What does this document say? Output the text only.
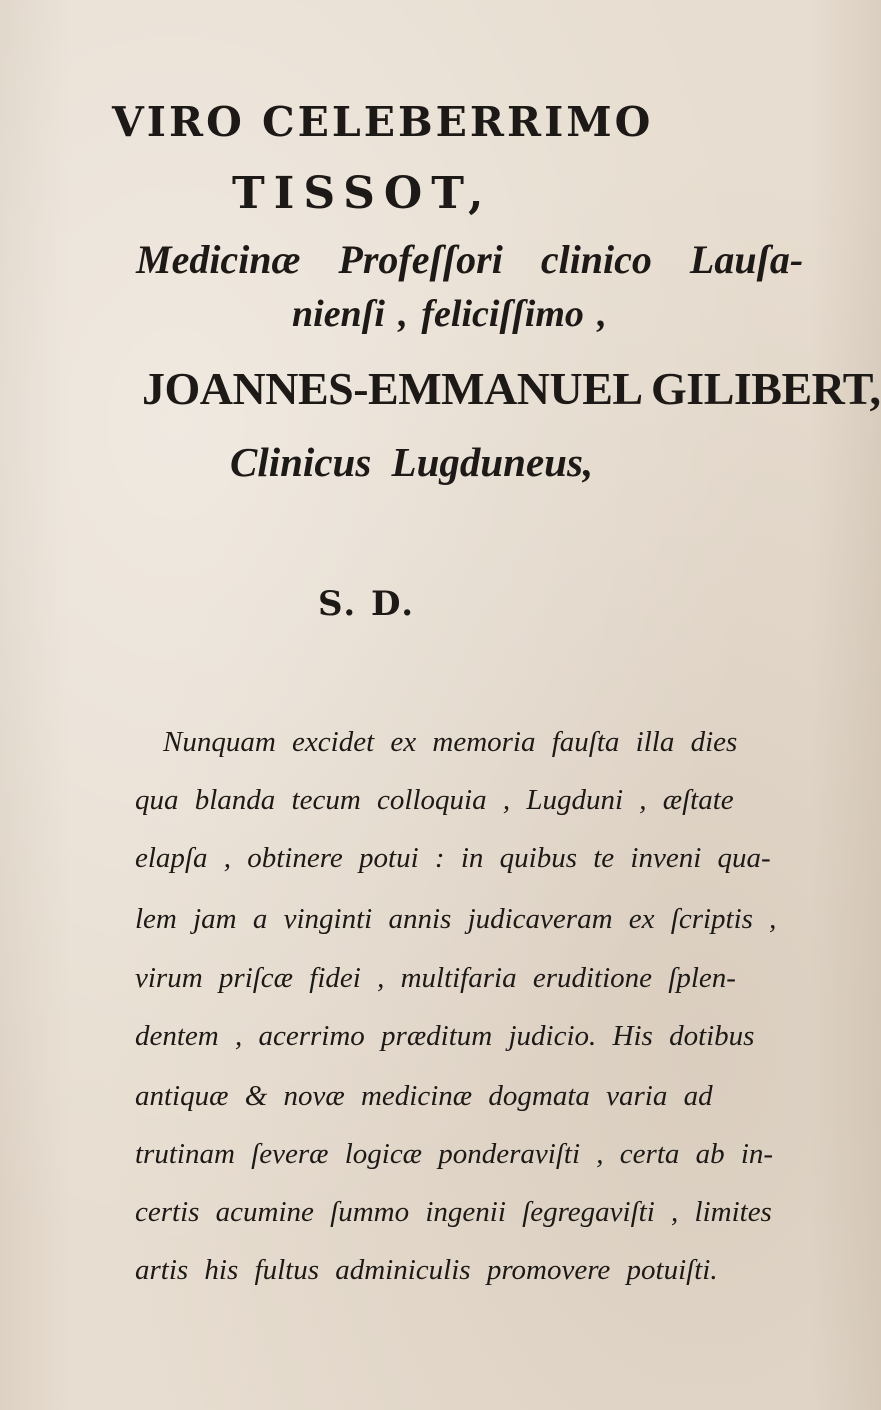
VIRO CELEBERRIMO
TISSOT,
Medicinæ Profeſſori clinico Lauſa-
nienſi , feliciſſimo ,
JOANNES-EMMANUEL GILIBERT,
Clinicus Lugduneus,
S. D.
Nunquam excidet ex memoria fauſta illa dies
qua blanda tecum colloquia , Lugduni , æſtate
elapſa , obtinere potui : in quibus te inveni qua-
lem jam a vinginti annis judicaveram ex ſcriptis ,
virum priſcæ fidei , multifaria eruditione ſplen-
dentem , acerrimo præditum judicio. His dotibus
antiquæ & novæ medicinæ dogmata varia ad
trutinam ſeveræ logicæ ponderaviſti , certa ab in-
certis acumine ſummo ingenii ſegregaviſti , limites
artis his fultus adminiculis promovere potuiſti.
